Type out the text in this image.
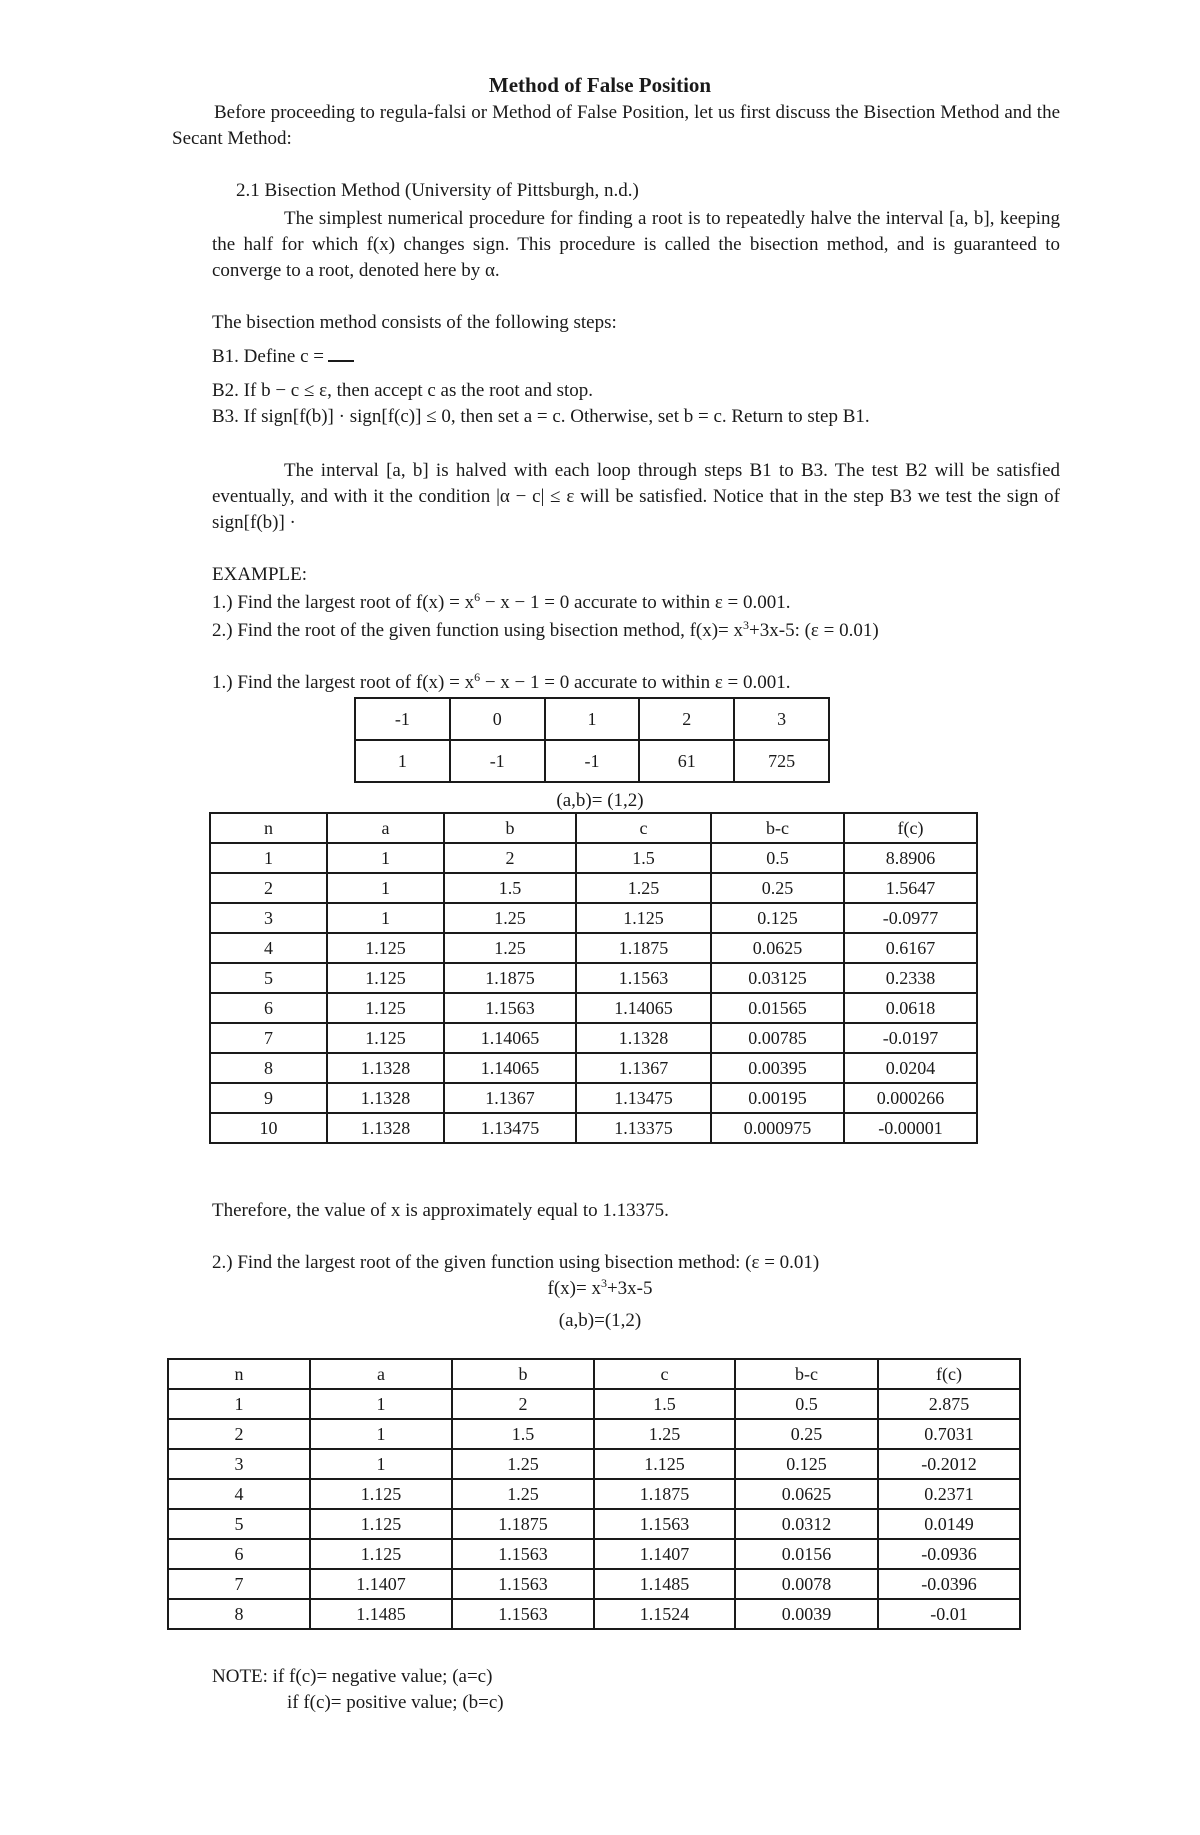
Method of False Position
Before proceeding to regula-falsi or Method of False Position, let us first discuss the Bisection Method and the Secant Method:
2.1 Bisection Method (University of Pittsburgh, n.d.)
The simplest numerical procedure for finding a root is to repeatedly halve the interval [a, b], keeping the half for which f(x) changes sign. This procedure is called the bisection method, and is guaranteed to converge to a root, denoted here by α.
The bisection method consists of the following steps:
B1. Define c =
B2. If b − c ≤ ε, then accept c as the root and stop.
B3. If sign[f(b)] · sign[f(c)] ≤ 0, then set a = c. Otherwise, set b = c. Return to step B1.
The interval [a, b] is halved with each loop through steps B1 to B3. The test B2 will be satisfied eventually, and with it the condition |α − c| ≤ ε will be satisfied. Notice that in the step B3 we test the sign of sign[f(b)] ·
EXAMPLE:
1.) Find the largest root of $f(x) = x^6 - x - 1 = 0$ accurate to within ε = 0.001.
2.) Find the root of the given function using bisection method, $f(x)= x^3+3x-5$: (ε = 0.01)
1.) Find the largest root of $f(x) = x^6 - x - 1 = 0$ accurate to within ε = 0.001.
-1	0	1	2	3
1	-1	-1	61	725
(a,b)= (1,2)
n	a	b	c	b-c	f(c)
1	1	2	1.5	0.5	8.8906
2	1	1.5	1.25	0.25	1.5647
3	1	1.25	1.125	0.125	-0.0977
4	1.125	1.25	1.1875	0.0625	0.6167
5	1.125	1.1875	1.1563	0.03125	0.2338
6	1.125	1.1563	1.14065	0.01565	0.0618
7	1.125	1.14065	1.1328	0.00785	-0.0197
8	1.1328	1.14065	1.1367	0.00395	0.0204
9	1.1328	1.1367	1.13475	0.00195	0.000266
10	1.1328	1.13475	1.13375	0.000975	-0.00001
Therefore, the value of x is approximately equal to 1.13375.
2.) Find the largest root of the given function using bisection method: (ε = 0.01)
$f(x)= x^3+3x-5$
(a,b)=(1,2)
n	a	b	c	b-c	f(c)
1	1	2	1.5	0.5	2.875
2	1	1.5	1.25	0.25	0.7031
3	1	1.25	1.125	0.125	-0.2012
4	1.125	1.25	1.1875	0.0625	0.2371
5	1.125	1.1875	1.1563	0.0312	0.0149
6	1.125	1.1563	1.1407	0.0156	-0.0936
7	1.1407	1.1563	1.1485	0.0078	-0.0396
8	1.1485	1.1563	1.1524	0.0039	-0.01
NOTE: if f(c)= negative value; (a=c)
if f(c)= positive value; (b=c)
